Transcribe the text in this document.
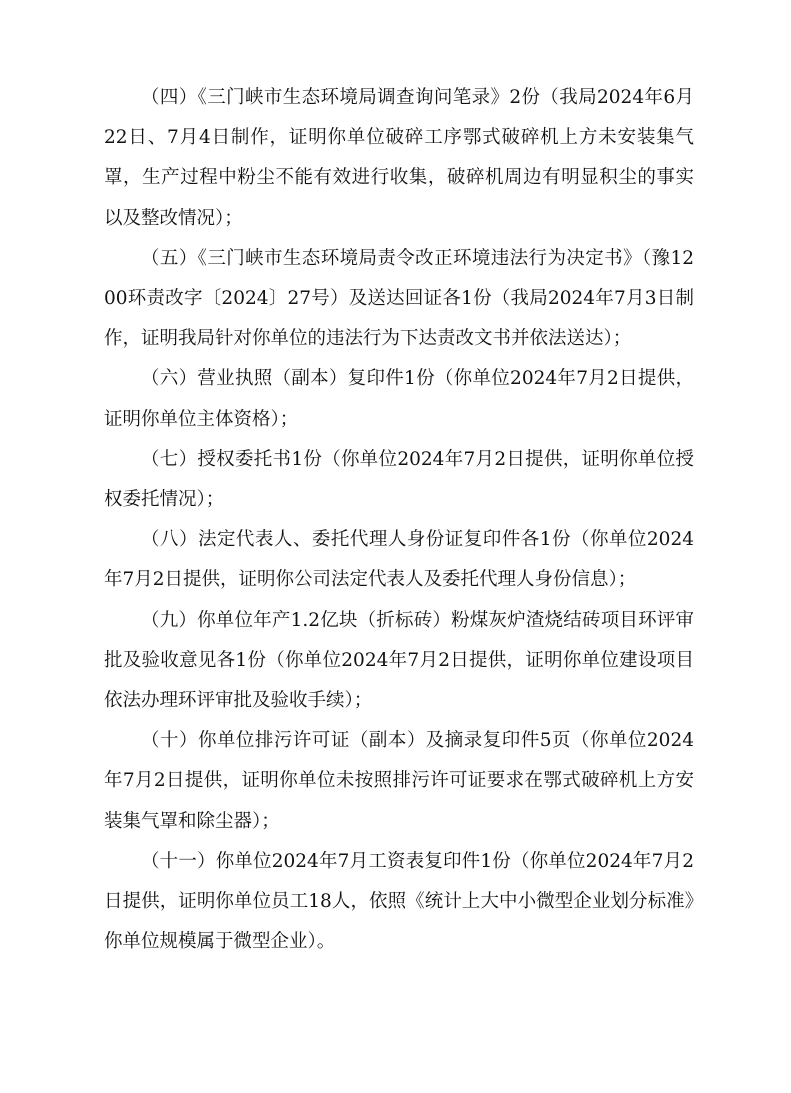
（四）《三门峡市生态环境局调查询问笔录》2份（我局2024年6月22日、7月4日制作，证明你单位破碎工序鄂式破碎机上方未安装集气罩，生产过程中粉尘不能有效进行收集，破碎机周边有明显积尘的事实以及整改情况）；

（五）《三门峡市生态环境局责令改正环境违法行为决定书》（豫1200环责改字〔2024〕27号）及送达回证各1份（我局2024年7月3日制作，证明我局针对你单位的违法行为下达责改文书并依法送达）；

（六）营业执照（副本）复印件1份（你单位2024年7月2日提供，证明你单位主体资格）；

（七）授权委托书1份（你单位2024年7月2日提供，证明你单位授权委托情况）；

（八）法定代表人、委托代理人身份证复印件各1份（你单位2024年7月2日提供，证明你公司法定代表人及委托代理人身份信息）；

（九）你单位年产1.2亿块（折标砖）粉煤灰炉渣烧结砖项目环评审批及验收意见各1份（你单位2024年7月2日提供，证明你单位建设项目依法办理环评审批及验收手续）；

（十）你单位排污许可证（副本）及摘录复印件5页（你单位2024年7月2日提供，证明你单位未按照排污许可证要求在鄂式破碎机上方安装集气罩和除尘器）；

（十一）你单位2024年7月工资表复印件1份（你单位2024年7月2日提供，证明你单位员工18人，依照《统计上大中小微型企业划分标准》你单位规模属于微型企业）。
